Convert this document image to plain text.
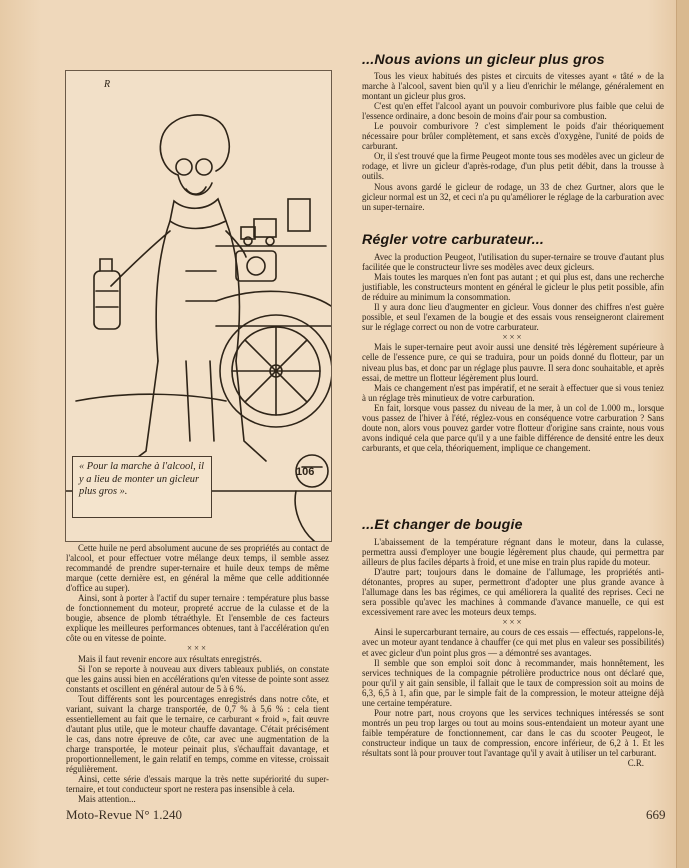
106
R
« Pour la marche à l'alcool, il y a lieu de monter un gicleur plus gros ».

Cette huile ne perd absolument aucune de ses propriétés au contact de l'alcool, et pour effectuer votre mélange deux temps, il semble assez recommandé de prendre super-ternaire et huile deux temps de même marque (cette dernière est, en général la même que celle additionnée d'office au super).

Ainsi, sont à porter à l'actif du super ternaire : température plus basse de fonctionnement du moteur, propreté accrue de la culasse et de la bougie, absence de plomb tétraéthyle. Et l'ensemble de ces facteurs explique les meilleures performances obtenues, tant à l'accélération qu'en côte ou en vitesse de pointe.

×××

Mais il faut revenir encore aux résultats enregistrés.

Si l'on se reporte à nouveau aux divers tableaux publiés, on constate que les gains aussi bien en accélérations qu'en vitesse de pointe sont assez constants et oscillent en général autour de 5 à 6 %.

Tout différents sont les pourcentages enregistrés dans notre côte, et variant, suivant la charge transportée, de 0,7 % à 5,6 % : cela tient essentiellement au fait que le ternaire, ce carburant « froid », fait œuvre d'autant plus utile, que le moteur chauffe davantage. C'était précisément le cas, dans notre épreuve de côte, car avec une augmentation de la charge transportée, le moteur peinait plus, s'échauffait davantage, et proportionnellement, le gain relatif en temps, comme en vitesse, croissait régulièrement.

Ainsi, cette série d'essais marque la très nette supériorité du super-ternaire, et tout conducteur sport ne restera pas insensible à cela.

Mais attention...

...Nous avions un gicleur plus gros

Tous les vieux habitués des pistes et circuits de vitesses ayant « tâté » de la marche à l'alcool, savent bien qu'il y a lieu d'enrichir le mélange, généralement en montant un gicleur plus gros.

C'est qu'en effet l'alcool ayant un pouvoir comburivore plus faible que celui de l'essence ordinaire, a donc besoin de moins d'air pour sa combustion.

Le pouvoir comburivore ? c'est simplement le poids d'air théoriquement nécessaire pour brûler complètement, et sans excès d'oxygène, l'unité de poids de carburant.

Or, il s'est trouvé que la firme Peugeot monte tous ses modèles avec un gicleur de rodage, et livre un gicleur d'après-rodage, d'un plus petit débit, dans la trousse à outils.

Nous avons gardé le gicleur de rodage, un 33 de chez Gurtner, alors que le gicleur normal est un 32, et ceci n'a pu qu'améliorer le réglage de la carburation avec un super-ternaire.

Régler votre carburateur...

Avec la production Peugeot, l'utilisation du super-ternaire se trouve d'autant plus facilitée que le constructeur livre ses modèles avec deux gicleurs.

Mais toutes les marques n'en font pas autant ; et qui plus est, dans une recherche justifiable, les constructeurs montent en général le gicleur le plus petit possible, afin de réduire au minimum la consommation.

Il y aura donc lieu d'augmenter en gicleur. Vous donner des chiffres n'est guère possible, et seul l'examen de la bougie et des essais vous renseigneront clairement sur le réglage correct ou non de votre carburateur.

×××

Mais le super-ternaire peut avoir aussi une densité très légèrement supérieure à celle de l'essence pure, ce qui se traduira, pour un poids donné du flotteur, par un niveau plus bas, et donc par un réglage plus pauvre. Il sera donc souhaitable, et après essai, de mettre un flotteur légèrement plus lourd.

Mais ce changement n'est pas impératif, et ne serait à effectuer que si vous teniez à un réglage très minutieux de votre carburation.

En fait, lorsque vous passez du niveau de la mer, à un col de 1.000 m., lorsque vous passez de l'hiver à l'été, réglez-vous en conséquence votre carburation ? Sans doute non, alors vous pouvez garder votre flotteur d'origine sans crainte, nous vous avons indiqué cela que parce qu'il y a une faible différence de densité entre les deux carburants, et que cela, théoriquement, implique ce changement.

...Et changer de bougie

L'abaissement de la température régnant dans le moteur, dans la culasse, permettra aussi d'employer une bougie légèrement plus chaude, qui permettra par ailleurs de plus faciles départs à froid, et une mise en train plus rapide du moteur.

D'autre part; toujours dans le domaine de l'allumage, les propriétés anti-détonantes, propres au super, permettront d'adopter une plus grande avance à l'allumage dans les bas régimes, ce qui améliorera la qualité des reprises. Ceci ne sera possible qu'avec les machines à commande d'avance manuelle, ce qui est excessivement rare avec les moteurs deux temps.

×××

Ainsi le supercarburant ternaire, au cours de ces essais — effectués, rappelons-le, avec un moteur ayant tendance à chauffer (ce qui met plus en valeur ses possibilités) et avec gicleur d'un point plus gros — a démontré ses avantages.

Il semble que son emploi soit donc à recommander, mais honnêtement, les services techniques de la compagnie pétrolière productrice nous ont déclaré que, pour qu'il y ait gain sensible, il fallait que le taux de compression soit au moins de 6,3, 6,5 à 1, afin que, par le simple fait de la compression, le moteur atteigne déjà une certaine température.

Pour notre part, nous croyons que les services techniques intéressés se sont montrés un peu trop larges ou tout au moins sous-entendaient un moteur ayant une faible température de fonctionnement, car dans le cas du scooter Peugeot, le constructeur indique un taux de compression, encore inférieur, de 6,2 à 1. Et les résultats sont là pour prouver tout l'avantage qu'il y avait à utiliser un tel carburant.

C.R.

Moto-Revue N° 1.240	669
